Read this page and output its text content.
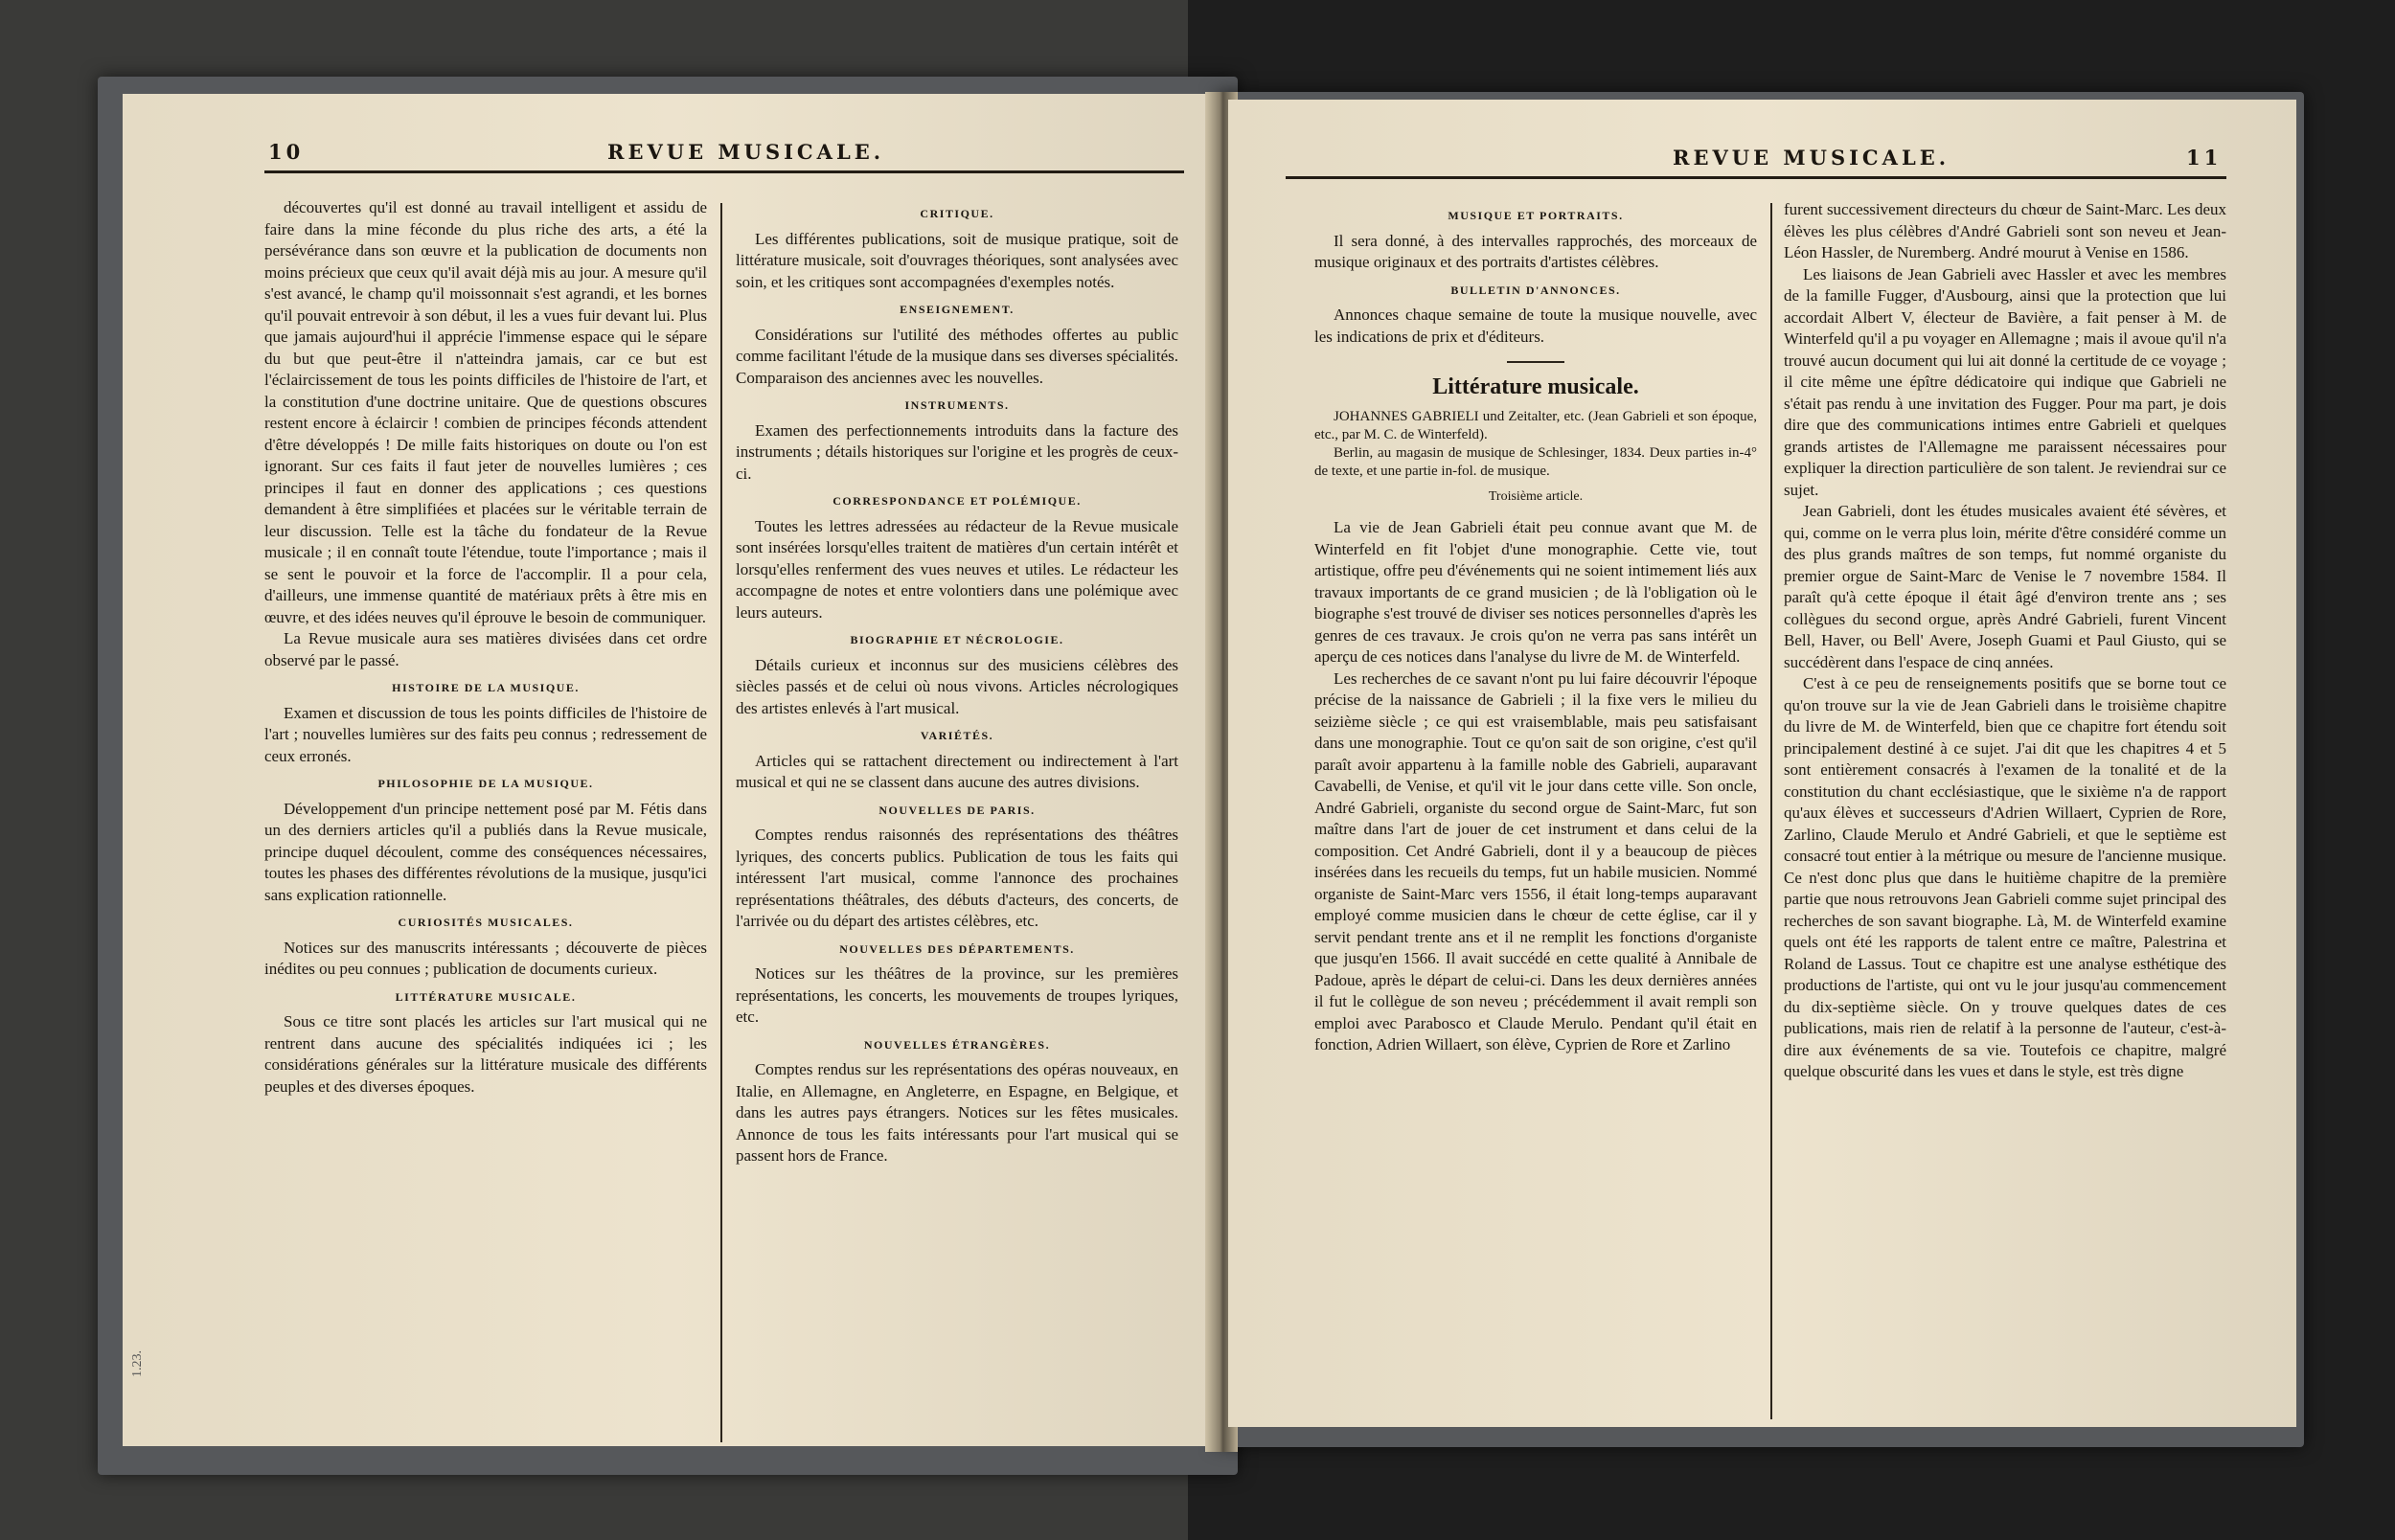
10	REVUE MUSICALE.

découvertes qu'il est donné au travail intelligent et assidu de faire dans la mine féconde du plus riche des arts, a été la persévérance dans son œuvre et la publication de documents non moins précieux que ceux qu'il avait déjà mis au jour. A mesure qu'il s'est avancé, le champ qu'il moissonnait s'est agrandi, et les bornes qu'il pouvait entrevoir à son début, il les a vues fuir devant lui. Plus que jamais aujourd'hui il apprécie l'immense espace qui le sépare du but que peut-être il n'atteindra jamais, car ce but est l'éclaircissement de tous les points difficiles de l'histoire de l'art, et la constitution d'une doctrine unitaire. Que de questions obscures restent encore à éclaircir ! combien de principes féconds attendent d'être développés ! De mille faits historiques on doute ou l'on est ignorant. Sur ces faits il faut jeter de nouvelles lumières ; ces principes il faut en donner des applications ; ces questions demandent à être simplifiées et placées sur le véritable terrain de leur discussion. Telle est la tâche du fondateur de la Revue musicale ; il en connaît toute l'étendue, toute l'importance ; mais il se sent le pouvoir et la force de l'accomplir. Il a pour cela, d'ailleurs, une immense quantité de matériaux prêts à être mis en œuvre, et des idées neuves qu'il éprouve le besoin de communiquer.

La Revue musicale aura ses matières divisées dans cet ordre observé par le passé.

HISTOIRE DE LA MUSIQUE.

Examen et discussion de tous les points difficiles de l'histoire de l'art ; nouvelles lumières sur des faits peu connus ; redressement de ceux erronés.

PHILOSOPHIE DE LA MUSIQUE.

Développement d'un principe nettement posé par M. Fétis dans un des derniers articles qu'il a publiés dans la Revue musicale, principe duquel découlent, comme des conséquences nécessaires, toutes les phases des différentes révolutions de la musique, jusqu'ici sans explication rationnelle.

CURIOSITÉS MUSICALES.

Notices sur des manuscrits intéressants ; découverte de pièces inédites ou peu connues ; publication de documents curieux.

LITTÉRATURE MUSICALE.

Sous ce titre sont placés les articles sur l'art musical qui ne rentrent dans aucune des spécialités indiquées ici ; les considérations générales sur la littérature musicale des différents peuples et des diverses époques.

CRITIQUE.

Les différentes publications, soit de musique pratique, soit de littérature musicale, soit d'ouvrages théoriques, sont analysées avec soin, et les critiques sont accompagnées d'exemples notés.

ENSEIGNEMENT.

Considérations sur l'utilité des méthodes offertes au public comme facilitant l'étude de la musique dans ses diverses spécialités. Comparaison des anciennes avec les nouvelles.

INSTRUMENTS.

Examen des perfectionnements introduits dans la facture des instruments ; détails historiques sur l'origine et les progrès de ceux-ci.

CORRESPONDANCE ET POLÉMIQUE.

Toutes les lettres adressées au rédacteur de la Revue musicale sont insérées lorsqu'elles traitent de matières d'un certain intérêt et lorsqu'elles renferment des vues neuves et utiles. Le rédacteur les accompagne de notes et entre volontiers dans une polémique avec leurs auteurs.

BIOGRAPHIE ET NÉCROLOGIE.

Détails curieux et inconnus sur des musiciens célèbres des siècles passés et de celui où nous vivons. Articles nécrologiques des artistes enlevés à l'art musical.

VARIÉTÉS.

Articles qui se rattachent directement ou indirectement à l'art musical et qui ne se classent dans aucune des autres divisions.

NOUVELLES DE PARIS.

Comptes rendus raisonnés des représentations des théâtres lyriques, des concerts publics. Publication de tous les faits qui intéressent l'art musical, comme l'annonce des prochaines représentations théâtrales, des débuts d'acteurs, des concerts, de l'arrivée ou du départ des artistes célèbres, etc.

NOUVELLES DES DÉPARTEMENTS.

Notices sur les théâtres de la province, sur les premières représentations, les concerts, les mouvements de troupes lyriques, etc.

NOUVELLES ÉTRANGÈRES.

Comptes rendus sur les représentations des opéras nouveaux, en Italie, en Allemagne, en Angleterre, en Espagne, en Belgique, et dans les autres pays étrangers. Notices sur les fêtes musicales. Annonce de tous les faits intéressants pour l'art musical qui se passent hors de France.

1.23.
REVUE MUSICALE.	11
MUSIQUE ET PORTRAITS.

Il sera donné, à des intervalles rapprochés, des morceaux de musique originaux et des portraits d'artistes célèbres.

BULLETIN D'ANNONCES.

Annonces chaque semaine de toute la musique nouvelle, avec les indications de prix et d'éditeurs.

Littérature musicale.

JOHANNES GABRIELI und Zeitalter, etc. (Jean Gabrieli et son époque, etc., par M. C. de Winterfeld).

Berlin, au magasin de musique de Schlesinger, 1834. Deux parties in-4° de texte, et une partie in-fol. de musique.

Troisième article.

La vie de Jean Gabrieli était peu connue avant que M. de Winterfeld en fit l'objet d'une monographie. Cette vie, tout artistique, offre peu d'événements qui ne soient intimement liés aux travaux importants de ce grand musicien ; de là l'obligation où le biographe s'est trouvé de diviser ses notices personnelles d'après les genres de ces travaux. Je crois qu'on ne verra pas sans intérêt un aperçu de ces notices dans l'analyse du livre de M. de Winterfeld.

Les recherches de ce savant n'ont pu lui faire découvrir l'époque précise de la naissance de Gabrieli ; il la fixe vers le milieu du seizième siècle ; ce qui est vraisemblable, mais peu satisfaisant dans une monographie. Tout ce qu'on sait de son origine, c'est qu'il paraît avoir appartenu à la famille noble des Gabrieli, auparavant Cavabelli, de Venise, et qu'il vit le jour dans cette ville. Son oncle, André Gabrieli, organiste du second orgue de Saint-Marc, fut son maître dans l'art de jouer de cet instrument et dans celui de la composition. Cet André Gabrieli, dont il y a beaucoup de pièces insérées dans les recueils du temps, fut un habile musicien. Nommé organiste de Saint-Marc vers 1556, il était long-temps auparavant employé comme musicien dans le chœur de cette église, car il y servit pendant trente ans et il ne remplit les fonctions d'organiste que jusqu'en 1566. Il avait succédé en cette qualité à Annibale de Padoue, après le départ de celui-ci. Dans les deux dernières années il fut le collègue de son neveu ; précédemment il avait rempli son emploi avec Parabosco et Claude Merulo. Pendant qu'il était en fonction, Adrien Willaert, son élève, Cyprien de Rore et Zarlino

furent successivement directeurs du chœur de Saint-Marc. Les deux élèves les plus célèbres d'André Gabrieli sont son neveu et Jean-Léon Hassler, de Nuremberg. André mourut à Venise en 1586.

Les liaisons de Jean Gabrieli avec Hassler et avec les membres de la famille Fugger, d'Ausbourg, ainsi que la protection que lui accordait Albert V, électeur de Bavière, a fait penser à M. de Winterfeld qu'il a pu voyager en Allemagne ; mais il avoue qu'il n'a trouvé aucun document qui lui ait donné la certitude de ce voyage ; il cite même une épître dédicatoire qui indique que Gabrieli ne s'était pas rendu à une invitation des Fugger. Pour ma part, je dois dire que des communications intimes entre Gabrieli et quelques grands artistes de l'Allemagne me paraissent nécessaires pour expliquer la direction particulière de son talent. Je reviendrai sur ce sujet.

Jean Gabrieli, dont les études musicales avaient été sévères, et qui, comme on le verra plus loin, mérite d'être considéré comme un des plus grands maîtres de son temps, fut nommé organiste du premier orgue de Saint-Marc de Venise le 7 novembre 1584. Il paraît qu'à cette époque il était âgé d'environ trente ans ; ses collègues du second orgue, après André Gabrieli, furent Vincent Bell, Haver, ou Bell' Avere, Joseph Guami et Paul Giusto, qui se succédèrent dans l'espace de cinq années.

C'est à ce peu de renseignements positifs que se borne tout ce qu'on trouve sur la vie de Jean Gabrieli dans le troisième chapitre du livre de M. de Winterfeld, bien que ce chapitre fort étendu soit principalement destiné à ce sujet. J'ai dit que les chapitres 4 et 5 sont entièrement consacrés à l'examen de la tonalité et de la constitution du chant ecclésiastique, que le sixième n'a de rapport qu'aux élèves et successeurs d'Adrien Willaert, Cyprien de Rore, Zarlino, Claude Merulo et André Gabrieli, et que le septième est consacré tout entier à la métrique ou mesure de l'ancienne musique. Ce n'est donc plus que dans le huitième chapitre de la première partie que nous retrouvons Jean Gabrieli comme sujet principal des recherches de son savant biographe. Là, M. de Winterfeld examine quels ont été les rapports de talent entre ce maître, Palestrina et Roland de Lassus. Tout ce chapitre est une analyse esthétique des productions de l'artiste, qui ont vu le jour jusqu'au commencement du dix-septième siècle. On y trouve quelques dates de ces publications, mais rien de relatif à la personne de l'auteur, c'est-à-dire aux événements de sa vie. Toutefois ce chapitre, malgré quelque obscurité dans les vues et dans le style, est très digne
